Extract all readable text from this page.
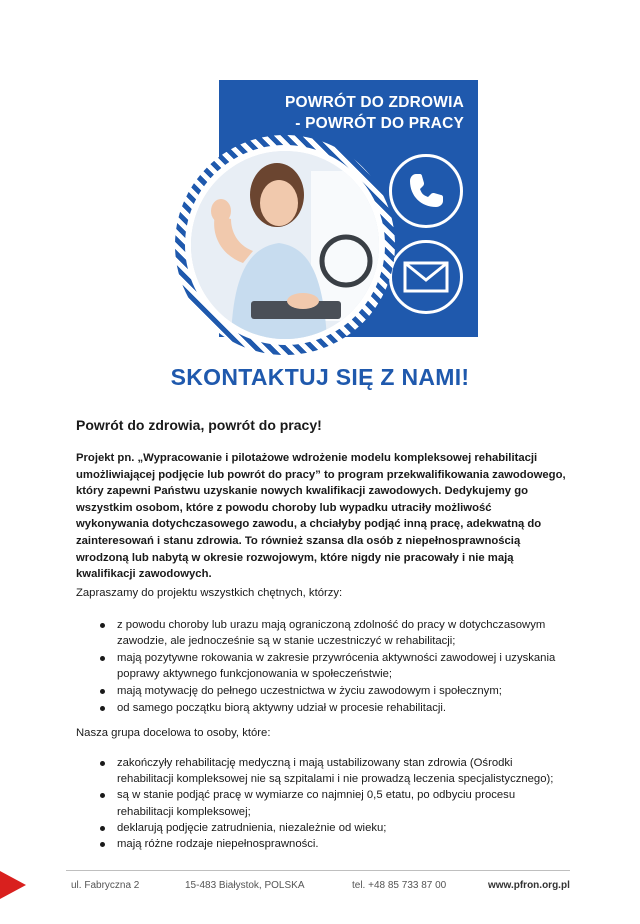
POWRÓT DO ZDROWIA
- POWRÓT DO PRACY
SKONTAKTUJ SIĘ Z NAMI!
Powrót do zdrowia, powrót do pracy!
Projekt pn. „Wypracowanie i pilotażowe wdrożenie modelu kompleksowej rehabilitacji umożliwiającej podjęcie lub powrót do pracy” to program przekwalifikowania zawodowego, który zapewni Państwu uzyskanie nowych kwalifikacji zawodowych. Dedykujemy go wszystkim osobom, które z powodu choroby lub wypadku utraciły możliwość wykonywania dotychczasowego zawodu, a chciałyby podjąć inną pracę, adekwatną do zainteresowań i stanu zdrowia. To również szansa dla osób z niepełnosprawnością wrodzoną lub nabytą w okresie rozwojowym, które nigdy nie pracowały i nie mają kwalifikacji zawodowych.
Zapraszamy do projektu wszystkich chętnych, którzy:
z powodu choroby lub urazu mają ograniczoną zdolność do pracy w dotychczasowym zawodzie, ale jednocześnie są w stanie uczestniczyć w rehabilitacji;
mają pozytywne rokowania w zakresie przywrócenia aktywności zawodowej i uzyskania poprawy aktywnego funkcjonowania w społeczeństwie;
mają motywację do pełnego uczestnictwa w życiu zawodowym i społecznym;
od samego początku biorą aktywny udział w procesie rehabilitacji.
Nasza grupa docelowa to osoby, które:
zakończyły rehabilitację medyczną i mają ustabilizowany stan zdrowia (Ośrodki rehabilitacji kompleksowej nie są szpitalami i nie prowadzą leczenia specjalistycznego);
są w stanie podjąć pracę w wymiarze co najmniej 0,5 etatu, po odbyciu procesu rehabilitacji kompleksowej;
deklarują podjęcie zatrudnienia, niezależnie od wieku;
mają różne rodzaje niepełnosprawności.
ul. Fabryczna 2	15-483 Białystok, POLSKA	tel. +48 85 733 87 00	www.pfron.org.pl
